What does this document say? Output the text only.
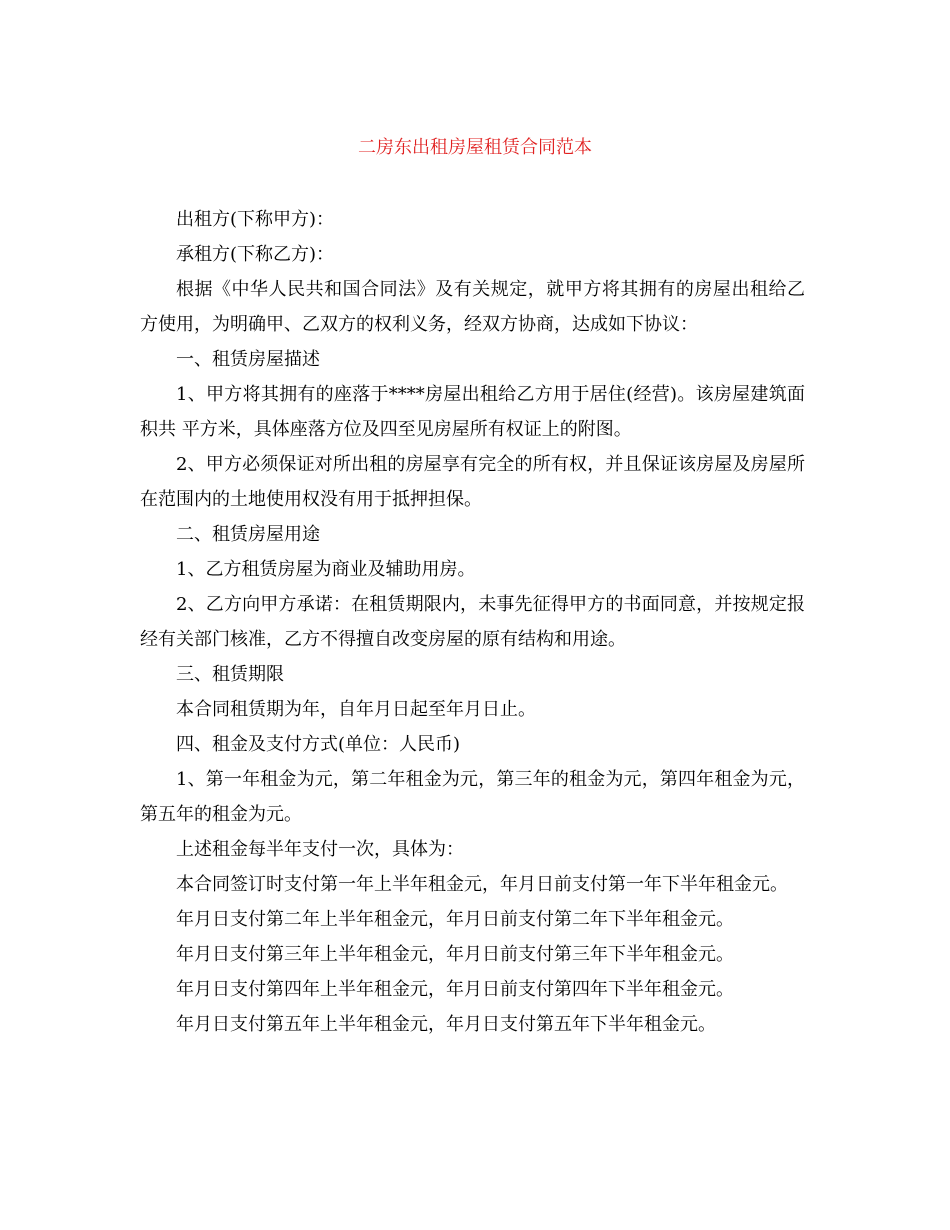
二房东出租房屋租赁合同范本

出租方(下称甲方)：

承租方(下称乙方)：

根据《中华人民共和国合同法》及有关规定，就甲方将其拥有的房屋出租给乙方使用，为明确甲、乙双方的权利义务，经双方协商，达成如下协议：

一、租赁房屋描述

1、甲方将其拥有的座落于****房屋出租给乙方用于居住(经营)。该房屋建筑面积共 平方米，具体座落方位及四至见房屋所有权证上的附图。

2、甲方必须保证对所出租的房屋享有完全的所有权，并且保证该房屋及房屋所在范围内的土地使用权没有用于抵押担保。

二、租赁房屋用途

1、乙方租赁房屋为商业及辅助用房。

2、乙方向甲方承诺：在租赁期限内，未事先征得甲方的书面同意，并按规定报经有关部门核准，乙方不得擅自改变房屋的原有结构和用途。

三、租赁期限

本合同租赁期为年，自年月日起至年月日止。

四、租金及支付方式(单位：人民币)

1、第一年租金为元，第二年租金为元，第三年的租金为元，第四年租金为元，第五年的租金为元。

上述租金每半年支付一次，具体为：

本合同签订时支付第一年上半年租金元，年月日前支付第一年下半年租金元。

年月日支付第二年上半年租金元，年月日前支付第二年下半年租金元。

年月日支付第三年上半年租金元，年月日前支付第三年下半年租金元。

年月日支付第四年上半年租金元，年月日前支付第四年下半年租金元。

年月日支付第五年上半年租金元，年月日支付第五年下半年租金元。
